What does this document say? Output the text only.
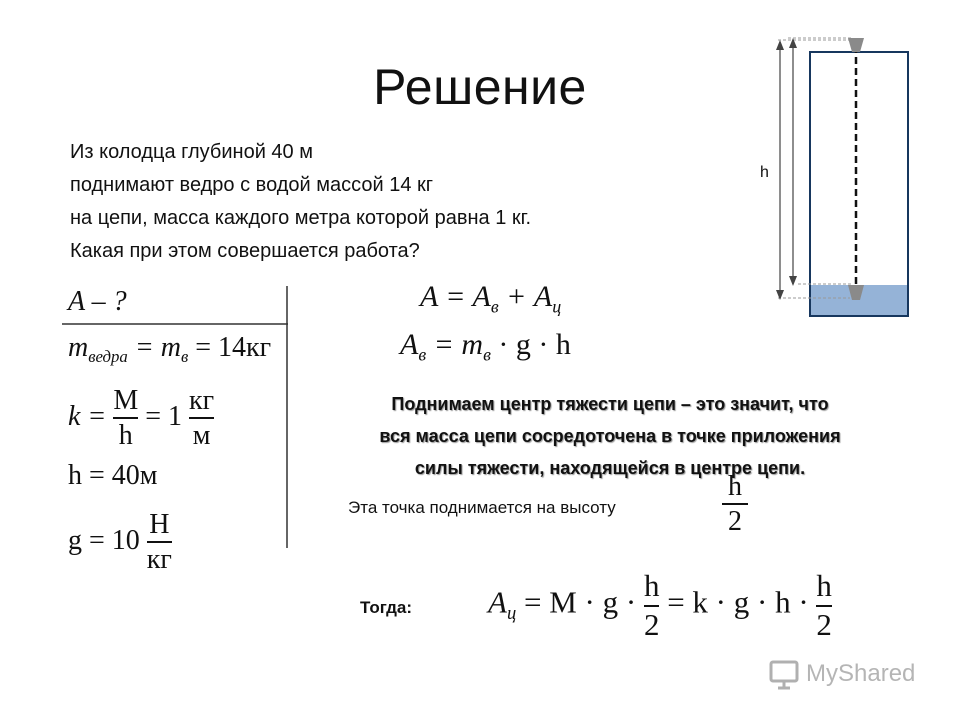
Решение
Из колодца глубиной 40 м
поднимают ведро с водой массой 14 кг
на цепи, масса каждого метра которой равна 1 кг.
Какая при этом совершается работа?
A – ?
$m_{ведра} = m_в = 14кг$
$k = \frac{M}{h} = 1 \frac{кг}{м}$
h = 40м
$g = 10 \frac{Н}{кг}$
$A = A_в + A_ц$
$A_в = m_в \cdot g \cdot h$
Поднимаем центр тяжести цепи – это значит, что
вся масса цепи сосредоточена в точке приложения
силы тяжести, находящейся в центре цепи.
Эта точка поднимается на высоту	$\frac{h}{2}$
Тогда: $A_ц = M \cdot g \cdot \frac{h}{2} = k \cdot g \cdot h \cdot \frac{h}{2}$
h
MyShared
